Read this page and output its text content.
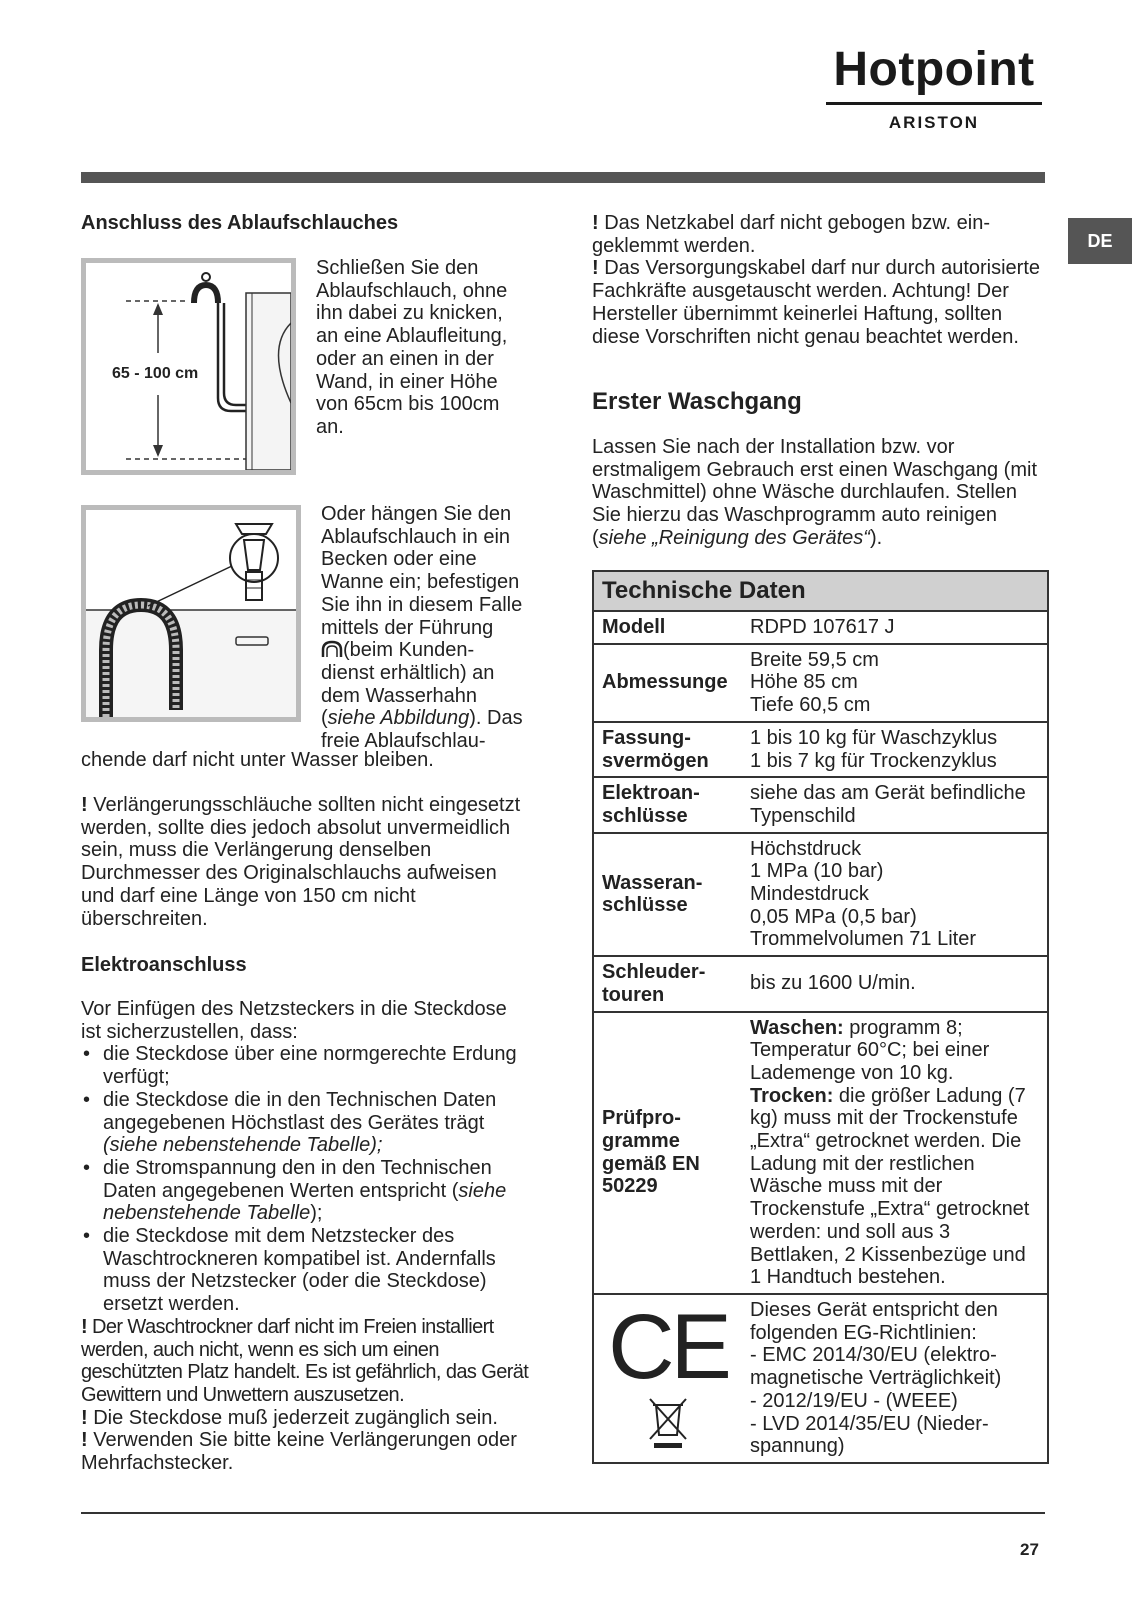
Hotpoint
ARISTON
DE
Anschluss des Ablaufschlauches
65 - 100 cm
Schließen Sie den
Ablaufschlauch, ohne
ihn dabei zu knicken,
an eine Ablaufleitung,
oder an einen in der
Wand, in einer Höhe
von 65cm bis 100cm
an.
Oder hängen Sie den
Ablaufschlauch in ein
Becken oder eine
Wanne ein; befestigen
Sie ihn in diesem Falle
mittels der Führung
(beim Kunden-
dienst erhältlich) an
dem Wasserhahn
(siehe Abbildung). Das
freie Ablaufschlau-
chende darf nicht unter Wasser bleiben.
! Verlängerungsschläuche sollten nicht eingesetzt werden, sollte dies jedoch absolut unvermeidlich sein, muss die Verlängerung denselben Durchmesser des Originalschlauchs aufweisen und darf eine Länge von 150 cm nicht überschreiten.
Elektroanschluss
Vor Einfügen des Netzsteckers in die Steckdose ist sicherzustellen, dass:
• die Steckdose über eine normgerechte Erdung verfügt;
• die Steckdose die in den Technischen Daten angegebenen Höchstlast des Gerätes trägt (siehe nebenstehende Tabelle);
• die Stromspannung den in den Technischen Daten angegebenen Werten entspricht (siehe nebenstehende Tabelle);
• die Steckdose mit dem Netzstecker des Waschtrockneren kompatibel ist. Andernfalls muss der Netzstecker (oder die Steckdose) ersetzt werden.
! Der Waschtrockner darf nicht im Freien installiert werden, auch nicht, wenn es sich um einen geschützten Platz handelt. Es ist gefährlich, das Gerät Gewittern und Unwettern auszusetzen.
! Die Steckdose muß jederzeit zugänglich sein.
! Verwenden Sie bitte keine Verlängerungen oder Mehrfachstecker.
! Das Netzkabel darf nicht gebogen bzw. eingeklemmt werden.
! Das Versorgungskabel darf nur durch autorisierte Fachkräfte ausgetauscht werden. Achtung! Der Hersteller übernimmt keinerlei Haftung, sollten diese Vorschriften nicht genau beachtet werden.
Erster Waschgang
Lassen Sie nach der Installation bzw. vor erstmaligem Gebrauch erst einen Waschgang (mit Waschmittel) ohne Wäsche durchlaufen. Stellen Sie hierzu das Waschprogramm auto reinigen (siehe „Reinigung des Gerätes“).
Technische Daten
Modell	RDPD 107617 J
Abmessunge	Breite 59,5 cm
Höhe 85 cm
Tiefe 60,5 cm

Fassungsvermögen	1 bis 10 kg für Waschzyklus
1 bis 7 kg für Trockenzyklus

Elektroanschlüsse	siehe das am Gerät befindliche Typenschild
Wasseranschlüsse	Höchstdruck
1 MPa (10 bar)
Mindestdruck
0,05 MPa (0,5 bar)
Trommelvolumen 71 Liter

Schleudertouren	bis zu 1600 U/min.
Prüfprogramme gemäß EN 50229	Waschen: programm 8; Temperatur 60°C; bei einer Lademenge von 10 kg. Trocken: die größer Ladung (7 kg) muss mit der Trockenstufe „Extra“ getrocknet werden. Die Ladung mit der restlichen Wäsche muss mit der Trockenstufe „Extra“ getrocknet werden: und soll aus 3 Bettlaken, 2 Kissenbezüge und 1 Handtuch bestehen.

CE	Dieses Gerät entspricht den folgenden EG-Richtlinien:
- EMC 2014/30/EU (elektromagnetische Verträglichkeit)
- 2012/19/EU - (WEEE)
- LVD 2014/35/EU (Niederspannung)
27
